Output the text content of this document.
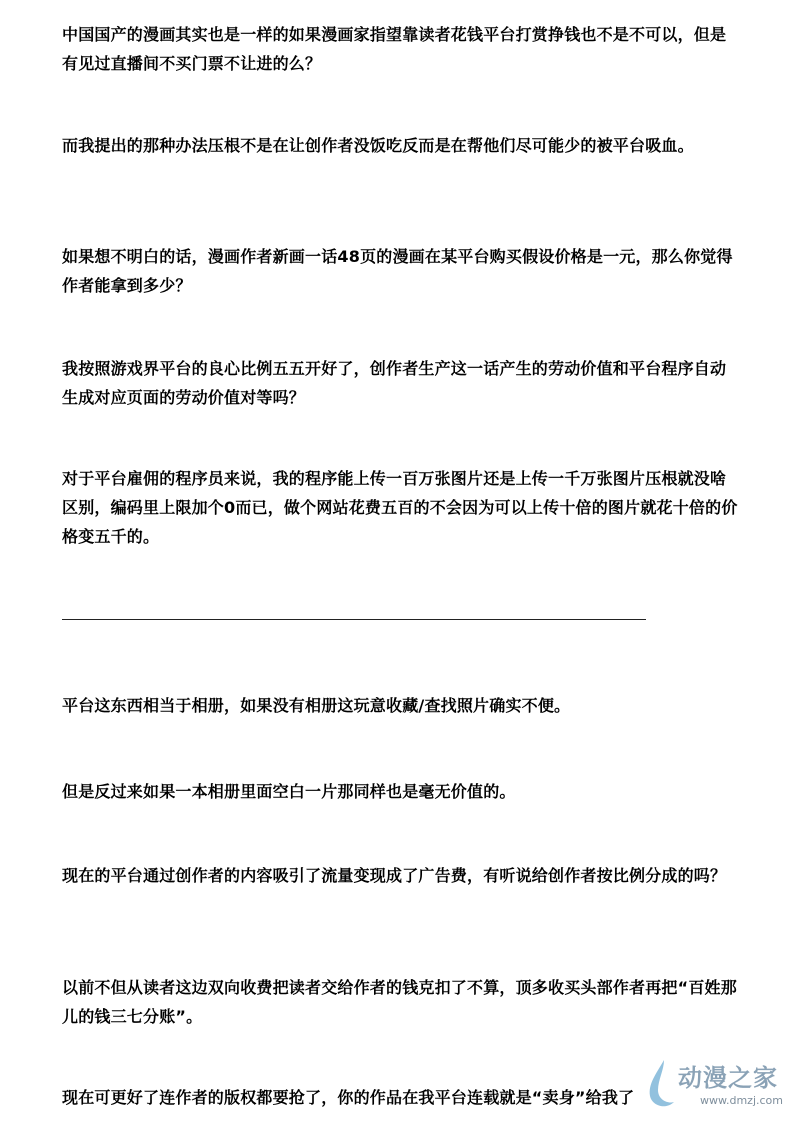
中国国产的漫画其实也是一样的如果漫画家指望靠读者花钱平台打赏挣钱也不是不可以，但是有见过直播间不买门票不让进的么？

而我提出的那种办法压根不是在让创作者没饭吃反而是在帮他们尽可能少的被平台吸血。

如果想不明白的话，漫画作者新画一话48页的漫画在某平台购买假设价格是一元，那么你觉得作者能拿到多少？

我按照游戏界平台的良心比例五五开好了，创作者生产这一话产生的劳动价值和平台程序自动生成对应页面的劳动价值对等吗？

对于平台雇佣的程序员来说，我的程序能上传一百万张图片还是上传一千万张图片压根就没啥区别，编码里上限加个0而已，做个网站花费五百的不会因为可以上传十倍的图片就花十倍的价格变五千的。

平台这东西相当于相册，如果没有相册这玩意收藏/查找照片确实不便。

但是反过来如果一本相册里面空白一片那同样也是毫无价值的。

现在的平台通过创作者的内容吸引了流量变现成了广告费，有听说给创作者按比例分成的吗？

以前不但从读者这边双向收费把读者交给作者的钱克扣了不算，顶多收买头部作者再把“百姓那儿的钱三七分账”。

现在可更好了连作者的版权都要抢了，你的作品在我平台连载就是“卖身”给我了

动漫之家
www.dmzj.com
